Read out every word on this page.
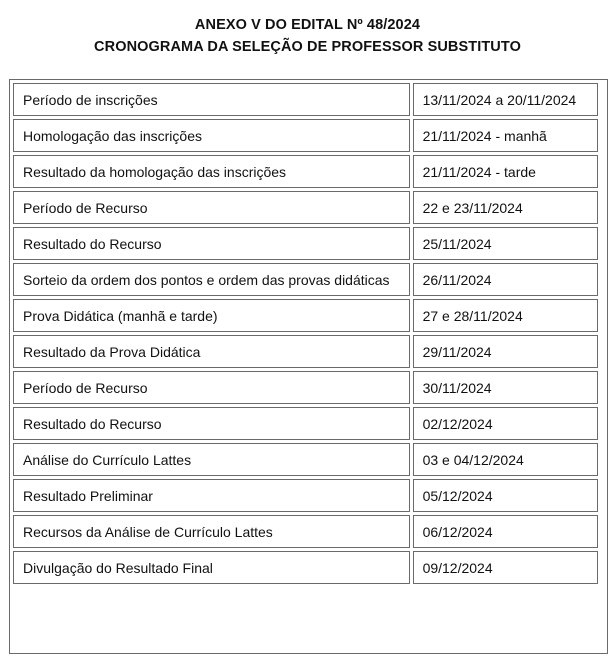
ANEXO V DO EDITAL Nº 48/2024
CRONOGRAMA DA SELEÇÃO DE PROFESSOR SUBSTITUTO
Período de inscrições	13/11/2024 a 20/11/2024
Homologação das inscrições	21/11/2024 - manhã
Resultado da homologação das inscrições	21/11/2024 - tarde
Período de Recurso	22 e 23/11/2024
Resultado do Recurso	25/11/2024
Sorteio da ordem dos pontos e ordem das provas didáticas	26/11/2024
Prova Didática (manhã e tarde)	27 e 28/11/2024
Resultado da Prova Didática	29/11/2024
Período de Recurso	30/11/2024
Resultado do Recurso	02/12/2024
Análise do Currículo Lattes	03 e 04/12/2024
Resultado Preliminar	05/12/2024
Recursos da Análise de Currículo Lattes	06/12/2024
Divulgação do Resultado Final	09/12/2024
